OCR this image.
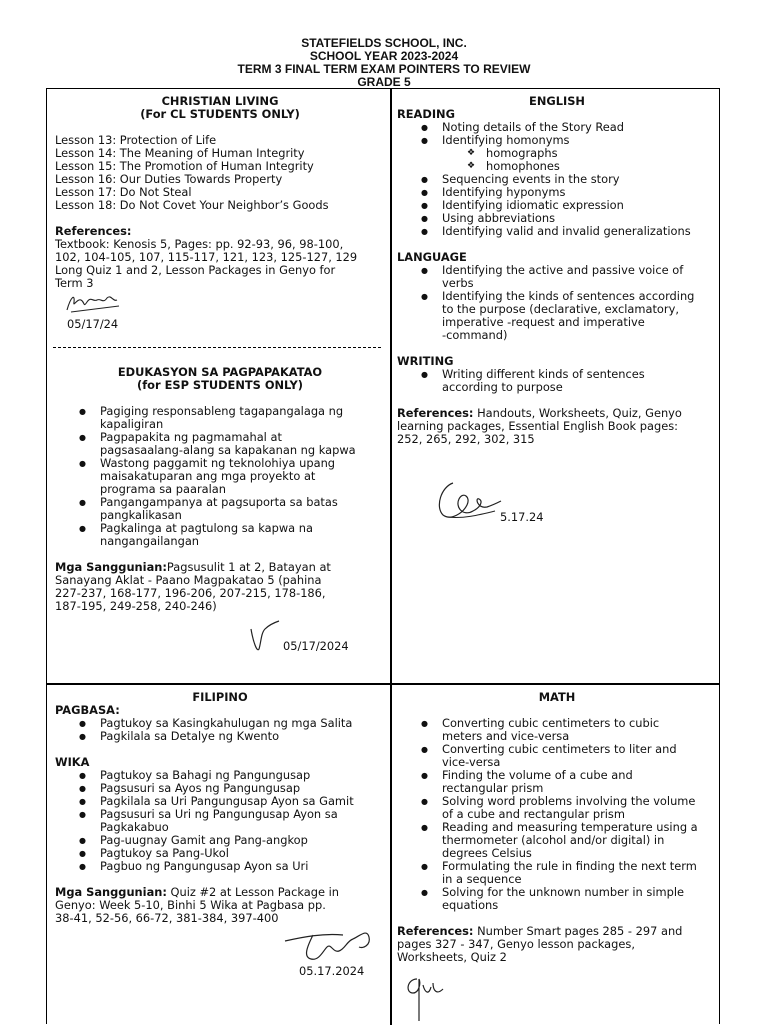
STATEFIELDS SCHOOL, INC.
SCHOOL YEAR 2023-2024
TERM 3 FINAL TERM EXAM POINTERS TO REVIEW
GRADE 5
CHRISTIAN LIVING
(For CL STUDENTS ONLY)
Lesson 13: Protection of Life
Lesson 14: The Meaning of Human Integrity
Lesson 15: The Promotion of Human Integrity
Lesson 16: Our Duties Towards Property
Lesson 17: Do Not Steal
Lesson 18: Do Not Covet Your Neighbor’s Goods
References:
Textbook: Kenosis 5, Pages: pp. 92-93, 96, 98-100,
102, 104-105, 107, 115-117, 121, 123, 125-127, 129
Long Quiz 1 and 2, Lesson Packages in Genyo for
Term 3
05/17/24
EDUKASYON SA PAGPAPAKATAO
(for ESP STUDENTS ONLY)
● Pagiging responsableng tagapangalaga ng
kapaligiran
● Pagpapakita ng pagmamahal at
pagsasaalang-alang sa kapakanan ng kapwa
● Wastong paggamit ng teknolohiya upang
maisakatuparan ang mga proyekto at
programa sa paaralan
● Pangangampanya at pagsuporta sa batas
pangkalikasan
● Pagkalinga at pagtulong sa kapwa na
nangangailangan
Mga Sanggunian:Pagsusulit 1 at 2, Batayan at
Sanayang Aklat - Paano Magpakatao 5 (pahina
227-237, 168-177, 196-206, 207-215, 178-186,
187-195, 249-258, 240-246)
05/17/2024
ENGLISH
READING
● Noting details of the Story Read
● Identifying homonyms
❖ homographs
❖ homophones
● Sequencing events in the story
● Identifying hyponyms
● Identifying idiomatic expression
● Using abbreviations
● Identifying valid and invalid generalizations
LANGUAGE
● Identifying the active and passive voice of
verbs
● Identifying the kinds of sentences according
to the purpose (declarative, exclamatory,
imperative -request and imperative
-command)
WRITING
● Writing different kinds of sentences
according to purpose
References: Handouts, Worksheets, Quiz, Genyo
learning packages, Essential English Book pages:
252, 265, 292, 302, 315
5.17.24
FILIPINO
PAGBASA:
● Pagtukoy sa Kasingkahulugan ng mga Salita
● Pagkilala sa Detalye ng Kwento
WIKA
● Pagtukoy sa Bahagi ng Pangungusap
● Pagsusuri sa Ayos ng Pangungusap
● Pagkilala sa Uri Pangungusap Ayon sa Gamit
● Pagsusuri sa Uri ng Pangungusap Ayon sa
Pagkakabuo
● Pag-uugnay Gamit ang Pang-angkop
● Pagtukoy sa Pang-Ukol
● Pagbuo ng Pangungusap Ayon sa Uri
Mga Sanggunian: Quiz #2 at Lesson Package in
Genyo: Week 5-10, Binhi 5 Wika at Pagbasa pp.
38-41, 52-56, 66-72, 381-384, 397-400
05.17.2024
MATH
● Converting cubic centimeters to cubic
meters and vice-versa
● Converting cubic centimeters to liter and
vice-versa
● Finding the volume of a cube and
rectangular prism
● Solving word problems involving the volume
of a cube and rectangular prism
● Reading and measuring temperature using a
thermometer (alcohol and/or digital) in
degrees Celsius
● Formulating the rule in finding the next term
in a sequence
● Solving for the unknown number in simple
equations
References: Number Smart pages 285 - 297 and
pages 327 - 347, Genyo lesson packages,
Worksheets, Quiz 2
